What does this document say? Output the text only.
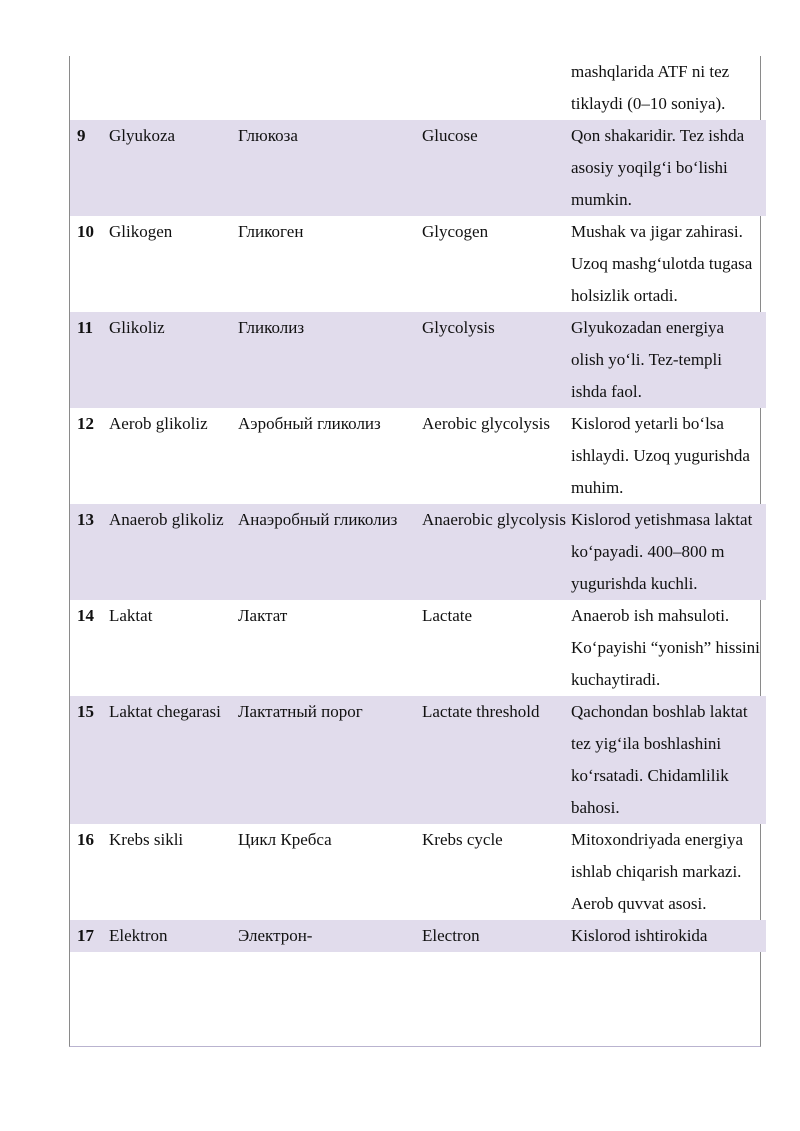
				mashqlarida ATF ni tez tiklaydi (0–10 soniya).
9	Glyukoza	Глюкоза	Glucose	Qon shakaridir. Tez ishda asosiy yoqilg‘i bo‘lishi mumkin.
10	Glikogen	Гликоген	Glycogen	Mushak va jigar zahirasi. Uzoq mashg‘ulotda tugasa holsizlik ortadi.
11	Glikoliz	Гликолиз	Glycolysis	Glyukozadan energiya olish yo‘li. Tez-templi ishda faol.
12	Aerob glikoliz	Аэробный гликолиз	Aerobic glycolysis	Kislorod yetarli bo‘lsa ishlaydi. Uzoq yugurishda muhim.
13	Anaerob glikoliz	Анаэробный гликолиз	Anaerobic glycolysis	Kislorod yetishmasa laktat ko‘payadi. 400–800 m yugurishda kuchli.
14	Laktat	Лактат	Lactate	Anaerob ish mahsuloti. Ko‘payishi “yonish” hissini kuchaytiradi.
15	Laktat chegarasi	Лактатный порог	Lactate threshold	Qachondan boshlab laktat tez yig‘ila boshlashini ko‘rsatadi. Chidamlilik bahosi.
16	Krebs sikli	Цикл Кребса	Krebs cycle	Mitoxondriyada energiya ishlab chiqarish markazi. Aerob quvvat asosi.
17	Elektron	Электрон-	Electron	Kislorod ishtirokida
